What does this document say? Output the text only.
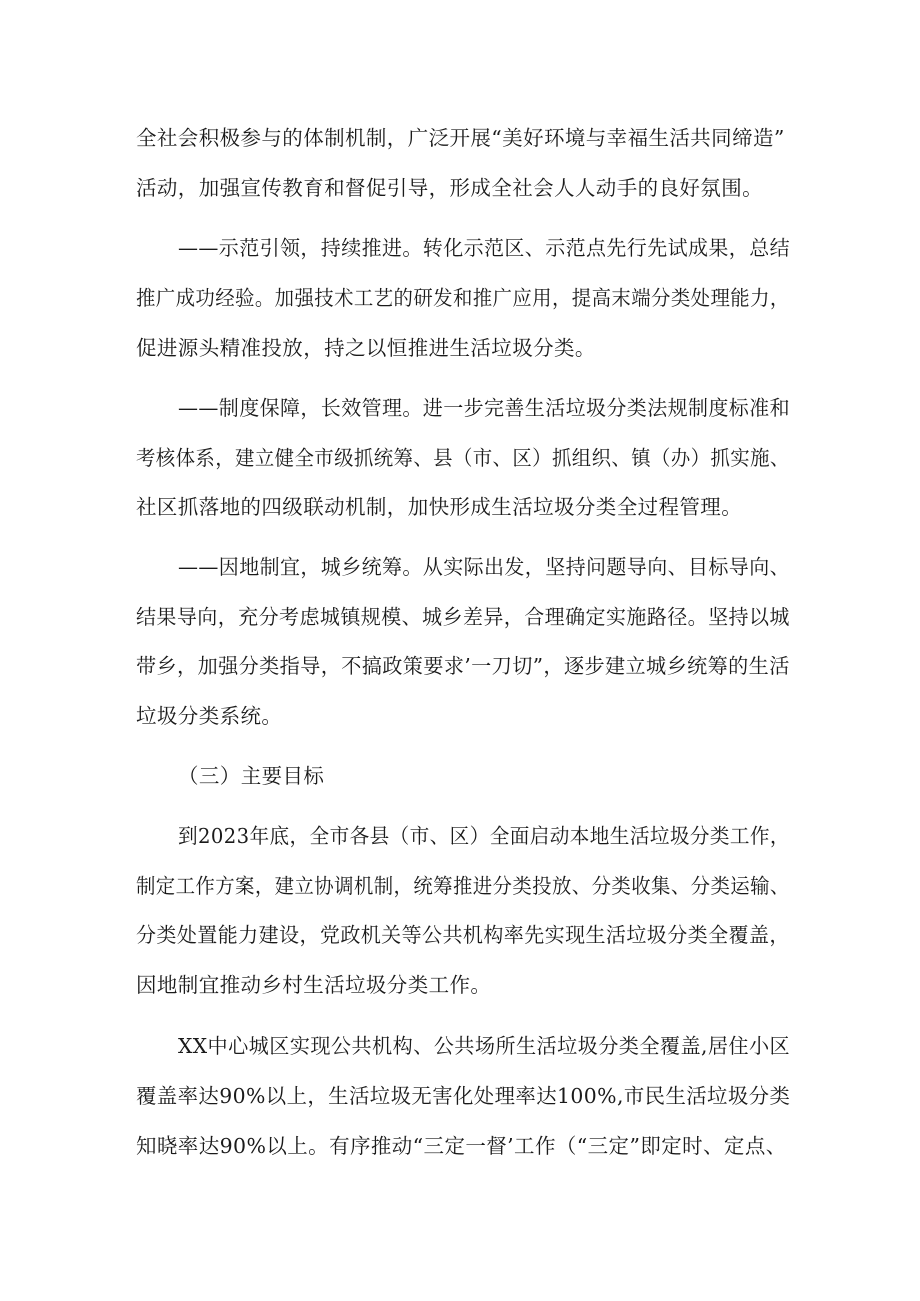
全社会积极参与的体制机制，广泛开展“美好环境与幸福生活共同缔造”
活动，加强宣传教育和督促引导，形成全社会人人动手的良好氛围。
——示范引领，持续推进。转化示范区、示范点先行先试成果，总结
推广成功经验。加强技术工艺的研发和推广应用，提高末端分类处理能力，
促进源头精准投放，持之以恒推进生活垃圾分类。
——制度保障，长效管理。进一步完善生活垃圾分类法规制度标准和
考核体系，建立健全市级抓统筹、县（市、区）抓组织、镇（办）抓实施、
社区抓落地的四级联动机制，加快形成生活垃圾分类全过程管理。
——因地制宜，城乡统筹。从实际出发，坚持问题导向、目标导向、
结果导向，充分考虑城镇规模、城乡差异，合理确定实施路径。坚持以城
带乡，加强分类指导，不搞政策要求’一刀切”，逐步建立城乡统筹的生活
垃圾分类系统。
（三）主要目标
到2023年底，全市各县（市、区）全面启动本地生活垃圾分类工作，
制定工作方案，建立协调机制，统筹推进分类投放、分类收集、分类运输、
分类处置能力建设，党政机关等公共机构率先实现生活垃圾分类全覆盖，
因地制宜推动乡村生活垃圾分类工作。
XX中心城区实现公共机构、公共场所生活垃圾分类全覆盖,居住小区
覆盖率达90%以上，生活垃圾无害化处理率达100%,市民生活垃圾分类
知晓率达90%以上。有序推动“三定一督’工作（“三定”即定时、定点、
